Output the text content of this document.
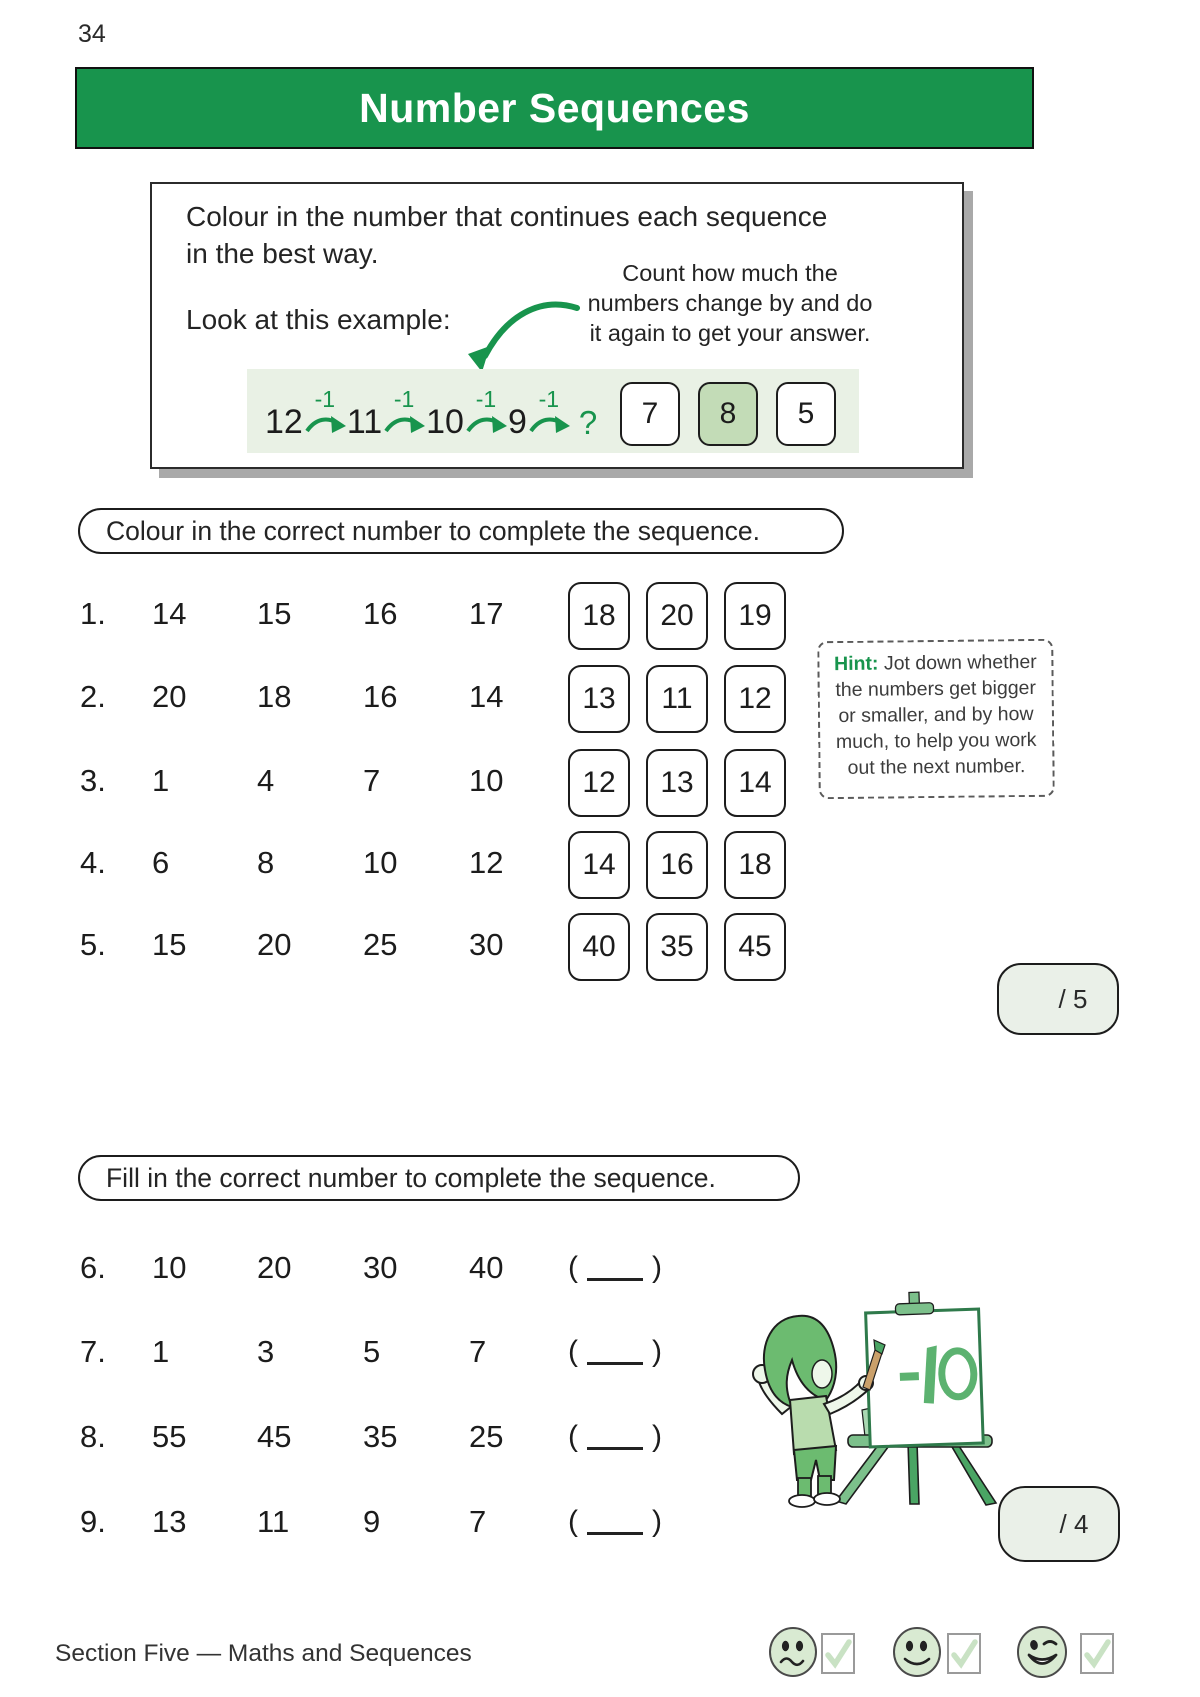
34
Number Sequences
Colour in the number that continues each sequence
in the best way.
Look at this example:
Count how much the
numbers change by and do
it again to get your answer.
12
-1
11
-1
10
-1
9
-1
? 7 8 5
Colour in the correct number to complete the sequence.
1. 14 15 16 17	18 20 19
2. 20 18 16 14	13 11 12
3. 1	4	7	10	12 13 14
4. 6	8	10 12	14 16 18
5. 15 20 25 30	40 35 45
Hint: Jot down whether
the numbers get bigger
or smaller, and by how
much, to help you work
out the next number.
/ 5
Fill in the correct number to complete the sequence.
6. 10 20 30 40 ( )
7. 1	3	5	7	( )
8. 55 45 35 25 ( )
9. 13 11 9	7	( )	/ 4
Section Five — Maths and Sequences
